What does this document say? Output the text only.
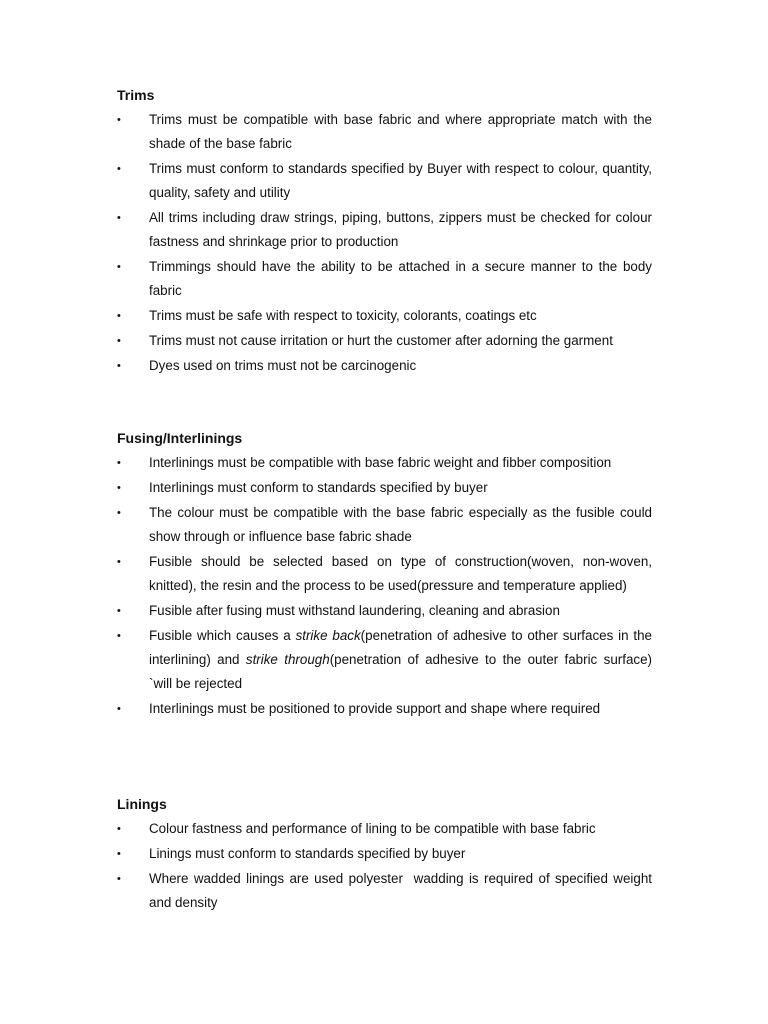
Trims
• Trims must be compatible with base fabric and where appropriate match with the shade of the base fabric
• Trims must conform to standards specified by Buyer with respect to colour, quantity, quality, safety and utility
• All trims including draw strings, piping, buttons, zippers must be checked for colour fastness and shrinkage prior to production
• Trimmings should have the ability to be attached in a secure manner to the body fabric
• Trims must be safe with respect to toxicity, colorants, coatings etc
• Trims must not cause irritation or hurt the customer after adorning the garment
• Dyes used on trims must not be carcinogenic
Fusing/Interlinings
• Interlinings must be compatible with base fabric weight and fibber composition
• Interlinings must conform to standards specified by buyer
• The colour must be compatible with the base fabric especially as the fusible could show through or influence base fabric shade
• Fusible should be selected based on type of construction(woven, non-woven, knitted), the resin and the process to be used(pressure and temperature applied)
• Fusible after fusing must withstand laundering, cleaning and abrasion
• Fusible which causes a strike back(penetration of adhesive to other surfaces in the interlining) and strike through(penetration of adhesive to the outer fabric surface) `will be rejected
• Interlinings must be positioned to provide support and shape where required
Linings
• Colour fastness and performance of lining to be compatible with base fabric
• Linings must conform to standards specified by buyer
• Where wadded linings are used polyester  wadding is required of specified weight and density
